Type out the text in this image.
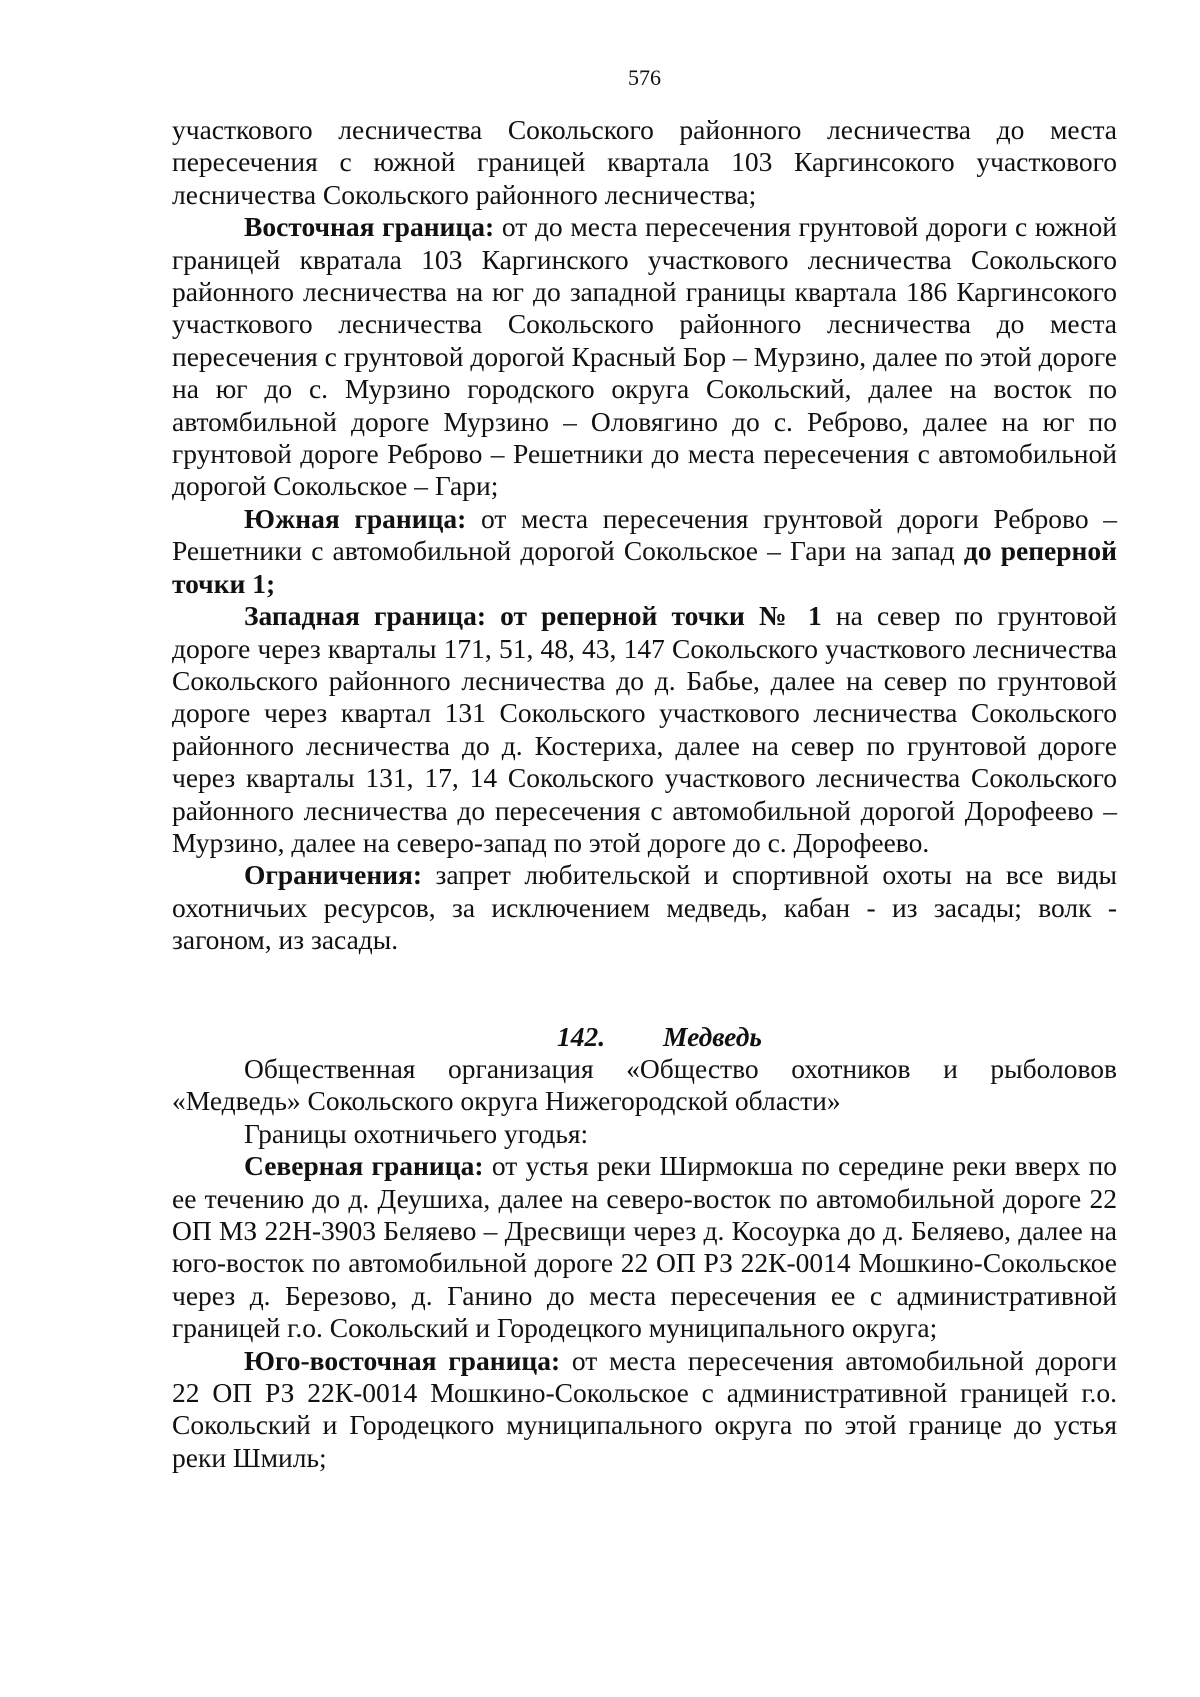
576

участкового лесничества Сокольского районного лесничества до места пересечения с южной границей квартала 103 Каргинсокого участкового лесничества Сокольского районного лесничества;

Восточная граница: от до места пересечения грунтовой дороги с южной границей квратала 103 Каргинского участкового лесничества Сокольского районного лесничества на юг до западной границы квартала 186 Каргинсокого участкового лесничества Сокольского районного лесничества до места пересечения с грунтовой дорогой Красный Бор – Мурзино, далее по этой дороге на юг до с. Мурзино городского округа Сокольский, далее на восток по автомбильной дороге Мурзино – Оловягино до с. Реброво, далее на юг по грунтовой дороге Реброво – Решетники до места пересечения с автомобильной дорогой Сокольское – Гари;

Южная граница: от места пересечения грунтовой дороги Реброво – Решетники с автомобильной дорогой Сокольское – Гари на запад до реперной точки 1;

Западная граница: от реперной точки № 1 на север по грунтовой дороге через кварталы 171, 51, 48, 43, 147 Сокольского участкового лесничества Сокольского районного лесничества до д. Бабье, далее на север по грунтовой дороге через квартал 131 Сокольского участкового лесничества Сокольского районного лесничества до д. Костериха, далее на север по грунтовой дороге через кварталы 131, 17, 14 Сокольского участкового лесничества Сокольского районного лесничества до пересечения с автомобильной дорогой Дорофеево – Мурзино, далее на северо-запад по этой дороге до с. Дорофеево.

Ограничения: запрет любительской и спортивной охоты на все виды охотничьих ресурсов, за исключением медведь, кабан - из засады; волк - загоном, из засады.

142. Медведь

Общественная организация «Общество охотников и рыболовов «Медведь» Сокольского округа Нижегородской области»

Границы охотничьего угодья:

Северная граница: от устья реки Ширмокша по середине реки вверх по ее течению до д. Деушиха, далее на северо-восток по автомобильной дороге 22 ОП МЗ 22Н-3903 Беляево – Дресвищи через д. Косоурка до д. Беляево, далее на юго-восток по автомобильной дороге 22 ОП РЗ 22К-0014 Мошкино-Сокольское через д. Березово, д. Ганино до места пересечения ее с административной границей г.о. Сокольский и Городецкого муниципального округа;

Юго-восточная граница: от места пересечения автомобильной дороги 22 ОП РЗ 22К-0014 Мошкино-Сокольское с административной границей г.о. Сокольский и Городецкого муниципального округа по этой границе до устья реки Шмиль;
